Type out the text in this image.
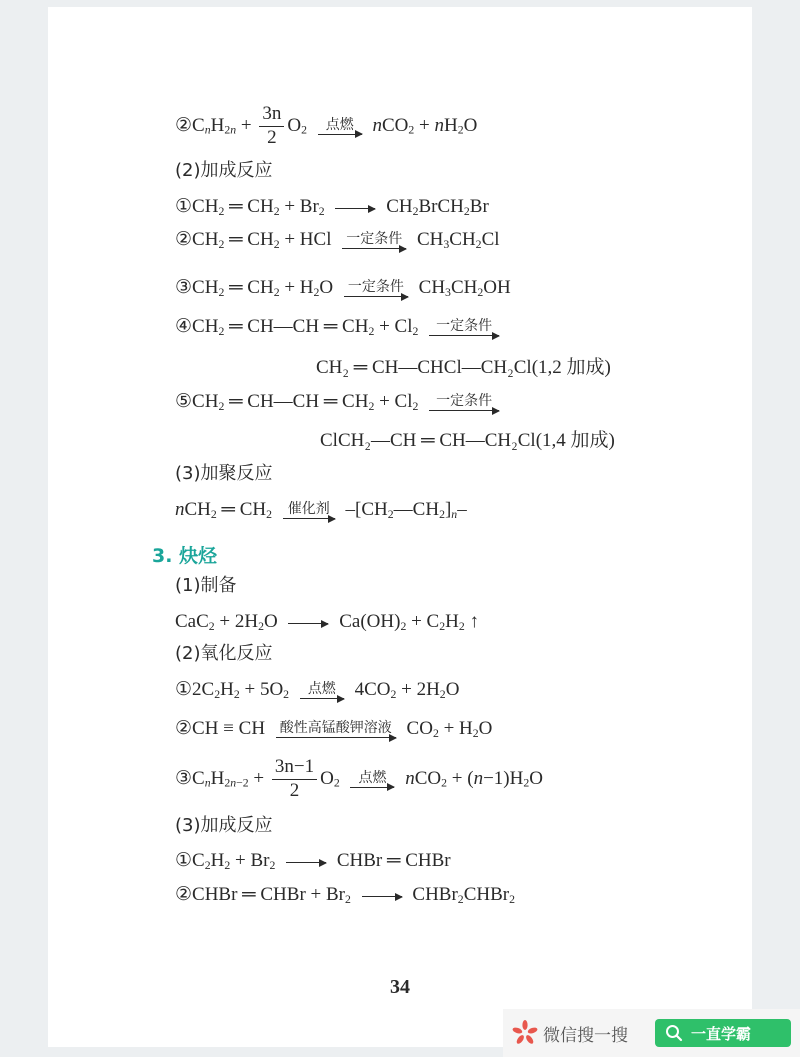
$②C_nH_{2n} + \frac{3n}{2} O_2$	点燃 $nCO_2 + nH_2O$
(2)加成反应
$①CH_2$ ═ $CH_2 + Br_2$ → $CH_2BrCH_2Br$
$②CH_2$ ═ $CH_2$ + HCl 一定条件 $CH_3CH_2Cl$
$③CH_2$ ═ $CH_2 + H_2O$ 一定条件 $CH_3CH_2OH$
$④CH_2$ ═ CH—CH ═ $CH_2 + Cl_2$	一定条件
CH₂ ═ CH—CHCl—CH₂Cl(1,2 加成)
$⑤CH_2$ ═ CH—CH ═ $CH_2 + Cl_2$	一定条件
ClCH₂—CH ═ CH—CH₂Cl(1,4 加成)
(3)加聚反应
nCH$_2$ ═ $CH_2$	催化剂 $-[CH_2—CH_2]_n-$
3. 炔烃
(1)制备
$CaC_2 + 2H_2O \to Ca(OH)_2 + C_2H_2$ ↑
(2)氧化反应
$①2C_2H_2 + 5O_2$	点燃 $4CO_2 + 2H_2O$
②CH ≡ CH 酸性高锰酸钾溶液 $CO_2 + H_2O$
$③C_nH_{2n-2} + \frac{3n-1}{2} O_2$	点燃 $nCO_2 + (n-1)H_2O$
(3)加成反应
$①C_2H_2 + Br_2$ → CHBr ═ CHBr
②CHBr ═ CHBr + $Br_2$ → CHBr$_2$CHBr$_2$
34
微信搜一搜	一直学霸
